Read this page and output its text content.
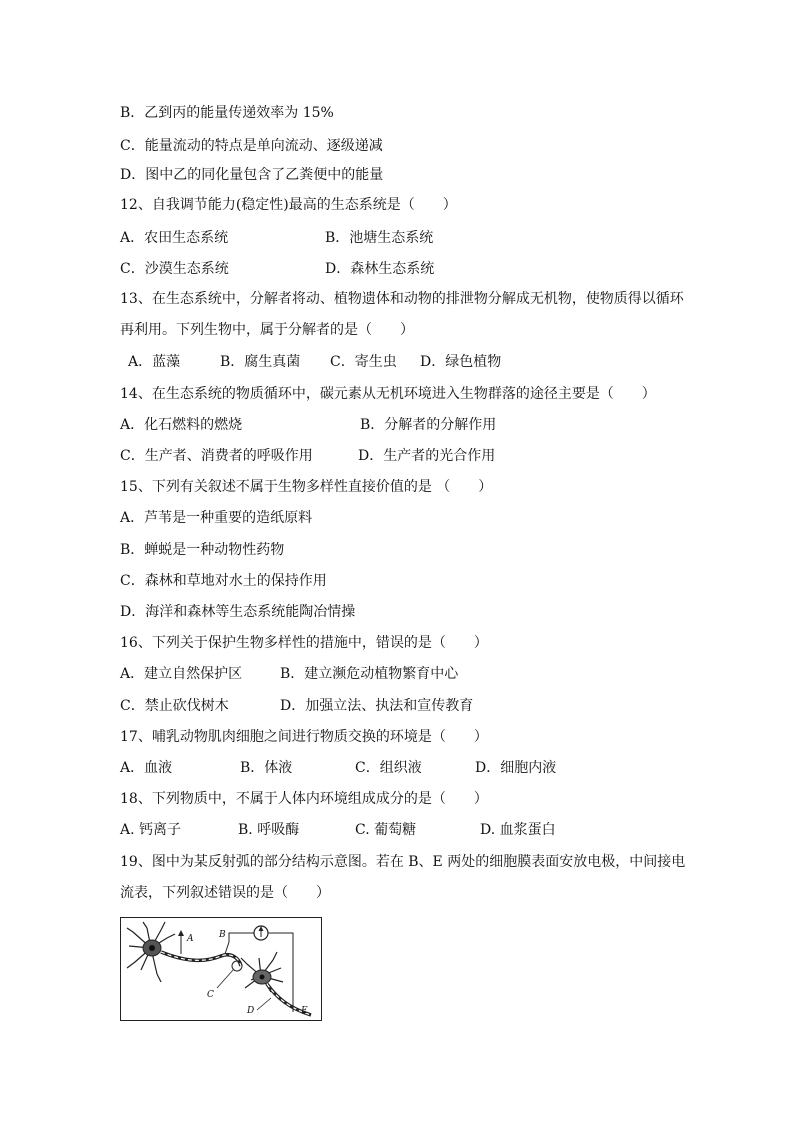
B．乙到丙的能量传递效率为 15%
C．能量流动的特点是单向流动、逐级递减
D．图中乙的同化量包含了乙粪便中的能量
12、自我调节能力(稳定性)最高的生态系统是（　　）
A．农田生态系统	B．池塘生态系统
C．沙漠生态系统	D．森林生态系统
13、在生态系统中，分解者将动、植物遗体和动物的排泄物分解成无机物，使物质得以循环
再利用。下列生物中，属于分解者的是（　　）
A．蓝藻	B．腐生真菌 C．寄生虫 D．绿色植物
14、在生态系统的物质循环中，碳元素从无机环境进入生物群落的途径主要是（　　）
A．化石燃料的燃烧	B．分解者的分解作用
C．生产者、消费者的呼吸作用	D．生产者的光合作用
15、下列有关叙述不属于生物多样性直接价值的是 （　　）
A．芦苇是一种重要的造纸原料
B．蝉蜕是一种动物性药物
C．森林和草地对水土的保持作用
D．海洋和森林等生态系统能陶冶情操
16、下列关于保护生物多样性的措施中，错误的是（　　）
A．建立自然保护区	B．建立濒危动植物繁育中心
C．禁止砍伐树木	D．加强立法、执法和宣传教育
17、哺乳动物肌肉细胞之间进行物质交换的环境是（　　）
A．血液	B．体液	C．组织液	D．细胞内液
18、下列物质中，不属于人体内环境组成成分的是（　　）
A. 钙离子	B. 呼吸酶	C. 葡萄糖	D. 血浆蛋白
19、图中为某反射弧的部分结构示意图。若在 B、E 两处的细胞膜表面安放电极，中间接电
流表，下列叙述错误的是（　　）
A	B
C
D	E
